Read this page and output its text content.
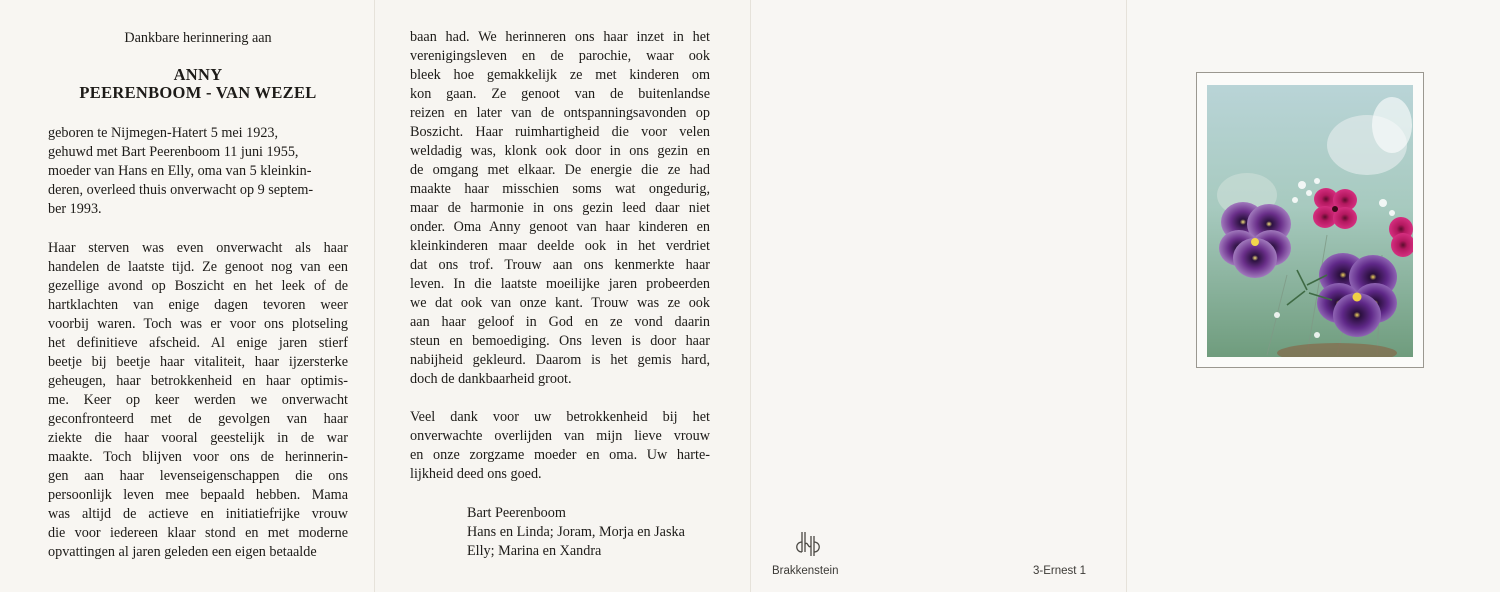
Dankbare herinnering aan
ANNY
PEERENBOOM - VAN WEZEL
geboren te Nijmegen-Hatert 5 mei 1923,
gehuwd met Bart Peerenboom 11 juni 1955,
moeder van Hans en Elly, oma van 5 kleinkin-
deren, overleed thuis onverwacht op 9 septem-
ber 1993.
Haar sterven was even onverwacht als haar
handelen de laatste tijd. Ze genoot nog van een
gezellige avond op Boszicht en het leek of de
hartklachten van enige dagen tevoren weer
voorbij waren. Toch was er voor ons plotseling
het definitieve afscheid. Al enige jaren stierf
beetje bij beetje haar vitaliteit, haar ijzersterke
geheugen, haar betrokkenheid en haar optimis-
me. Keer op keer werden we onverwacht
geconfronteerd met de gevolgen van haar
ziekte die haar vooral geestelijk in de war
maakte. Toch blijven voor ons de herinnerin-
gen aan haar levenseigenschappen die ons
persoonlijk leven mee bepaald hebben. Mama
was altijd de actieve en initiatiefrijke vrouw
die voor iedereen klaar stond en met moderne
opvattingen al jaren geleden een eigen betaalde
baan had. We herinneren ons haar inzet in het
verenigingsleven en de parochie, waar ook
bleek hoe gemakkelijk ze met kinderen om
kon gaan. Ze genoot van de buitenlandse
reizen en later van de ontspanningsavonden op
Boszicht. Haar ruimhartigheid die voor velen
weldadig was, klonk ook door in ons gezin en
de omgang met elkaar. De energie die ze had
maakte haar misschien soms wat ongedurig,
maar de harmonie in ons gezin leed daar niet
onder. Oma Anny genoot van haar kinderen en
kleinkinderen maar deelde ook in het verdriet
dat ons trof. Trouw aan ons kenmerkte haar
leven. In die laatste moeilijke jaren probeerden
we dat ook van onze kant. Trouw was ze ook
aan haar geloof in God en ze vond daarin
steun en bemoediging. Ons leven is door haar
nabijheid gekleurd. Daarom is het gemis hard,
doch de dankbaarheid groot.
Veel dank voor uw betrokkenheid bij het
onverwachte overlijden van mijn lieve vrouw
en onze zorgzame moeder en oma. Uw harte-
lijkheid deed ons goed.
Bart Peerenboom
Hans en Linda; Joram, Morja en Jaska
Elly; Marina en Xandra
Brakkenstein	3-Ernest 1
